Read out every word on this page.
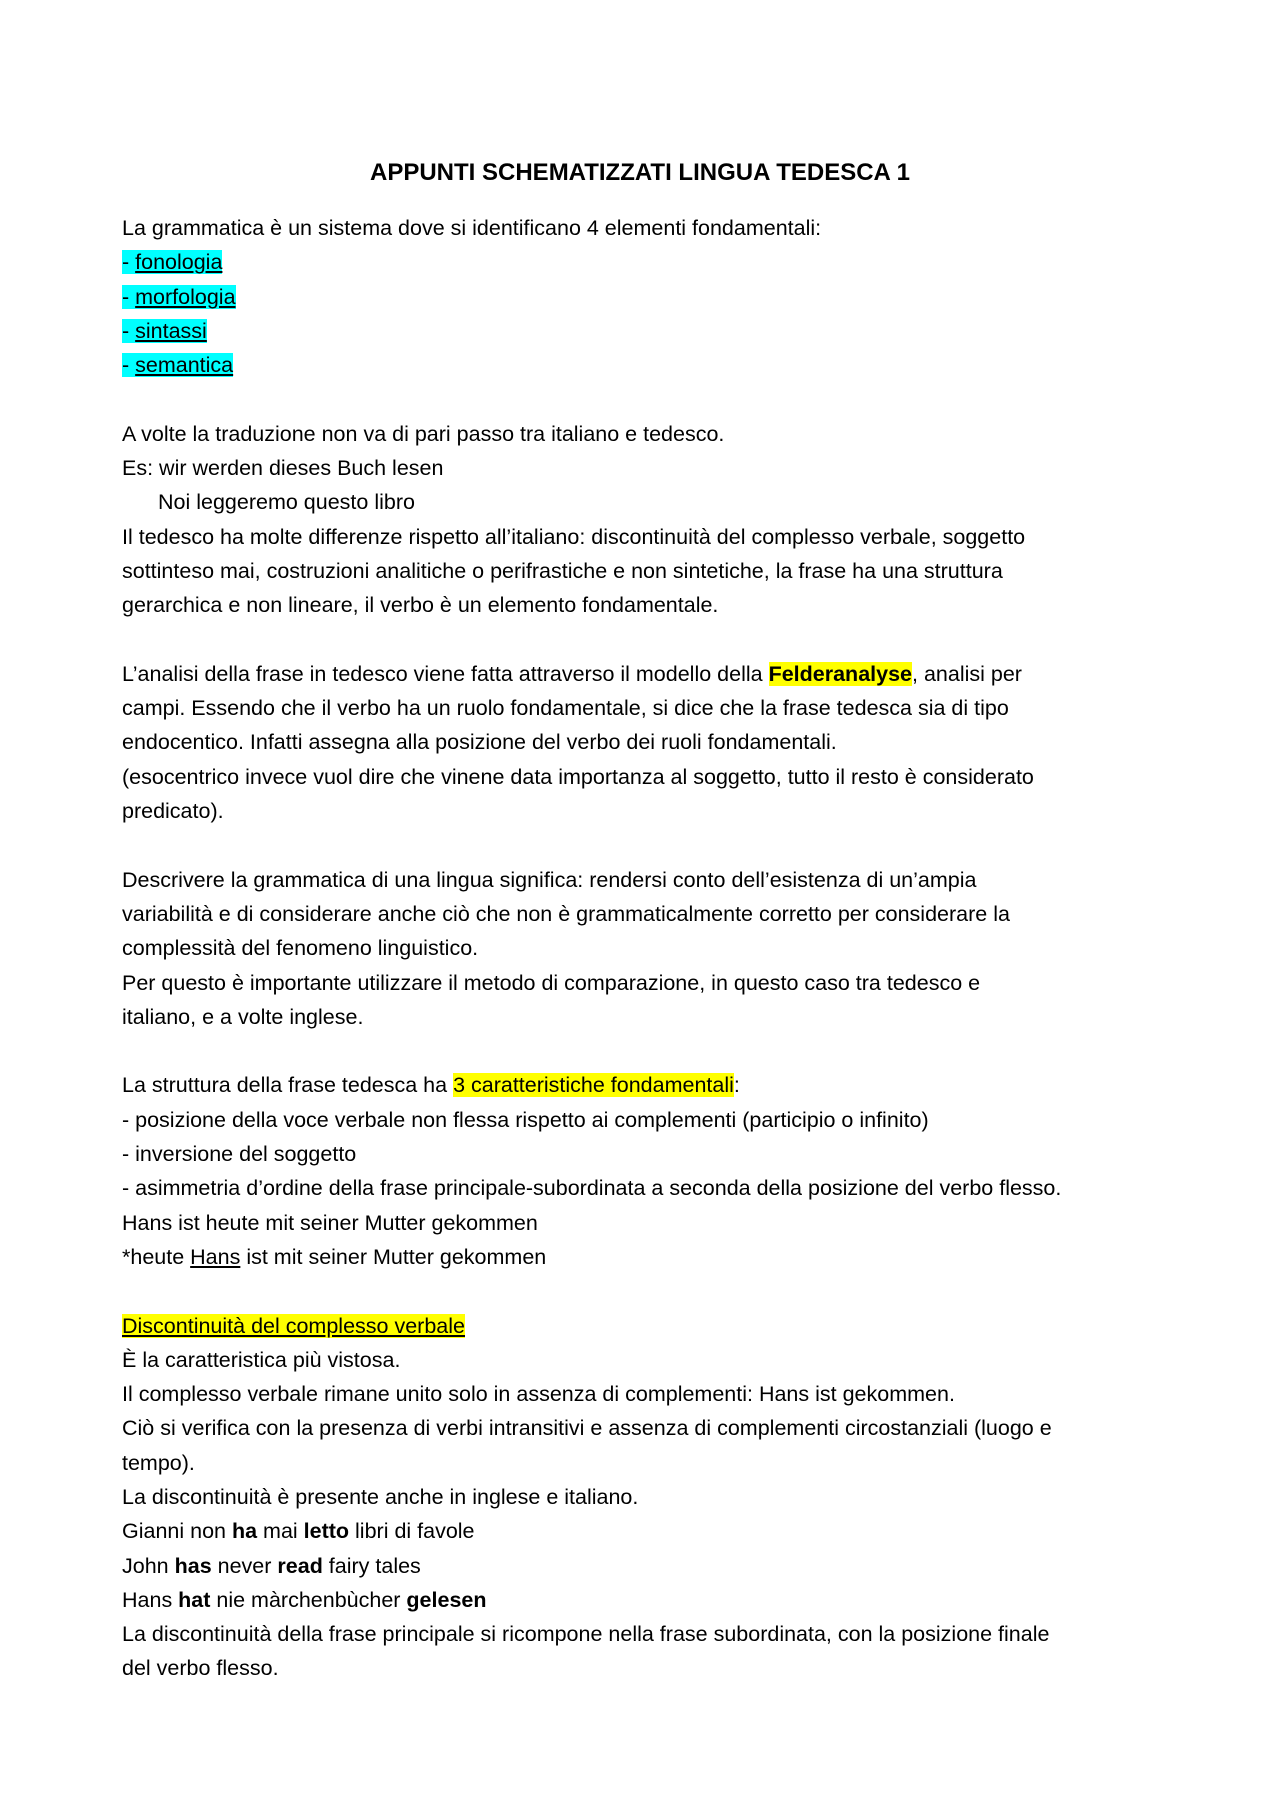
APPUNTI SCHEMATIZZATI LINGUA TEDESCA 1
La grammatica è un sistema dove si identificano 4 elementi fondamentali:
- fonologia
- morfologia
- sintassi
- semantica
A volte la traduzione non va di pari passo tra italiano e tedesco.
Es: wir werden dieses Buch lesen
Noi leggeremo questo libro
Il tedesco ha molte differenze rispetto all’italiano: discontinuità del complesso verbale, soggetto
sottinteso mai, costruzioni analitiche o perifrastiche e non sintetiche, la frase ha una struttura
gerarchica e non lineare, il verbo è un elemento fondamentale.
L’analisi della frase in tedesco viene fatta attraverso il modello della Felderanalyse, analisi per
campi. Essendo che il verbo ha un ruolo fondamentale, si dice che la frase tedesca sia di tipo
endocentico. Infatti assegna alla posizione del verbo dei ruoli fondamentali.
(esocentrico invece vuol dire che vinene data importanza al soggetto, tutto il resto è considerato
predicato).
Descrivere la grammatica di una lingua significa: rendersi conto dell’esistenza di un’ampia
variabilità e di considerare anche ciò che non è grammaticalmente corretto per considerare la
complessità del fenomeno linguistico.
Per questo è importante utilizzare il metodo di comparazione, in questo caso tra tedesco e
italiano, e a volte inglese.
La struttura della frase tedesca ha 3 caratteristiche fondamentali:
- posizione della voce verbale non flessa rispetto ai complementi (participio o infinito)
- inversione del soggetto
- asimmetria d’ordine della frase principale-subordinata a seconda della posizione del verbo flesso.
Hans ist heute mit seiner Mutter gekommen
*heute Hans ist mit seiner Mutter gekommen
Discontinuità del complesso verbale
È la caratteristica più vistosa.
Il complesso verbale rimane unito solo in assenza di complementi: Hans ist gekommen.
Ciò si verifica con la presenza di verbi intransitivi e assenza di complementi circostanziali (luogo e
tempo).
La discontinuità è presente anche in inglese e italiano.
Gianni non ha mai letto libri di favole
John has never read fairy tales
Hans hat nie màrchenbùcher gelesen
La discontinuità della frase principale si ricompone nella frase subordinata, con la posizione finale
del verbo flesso.
